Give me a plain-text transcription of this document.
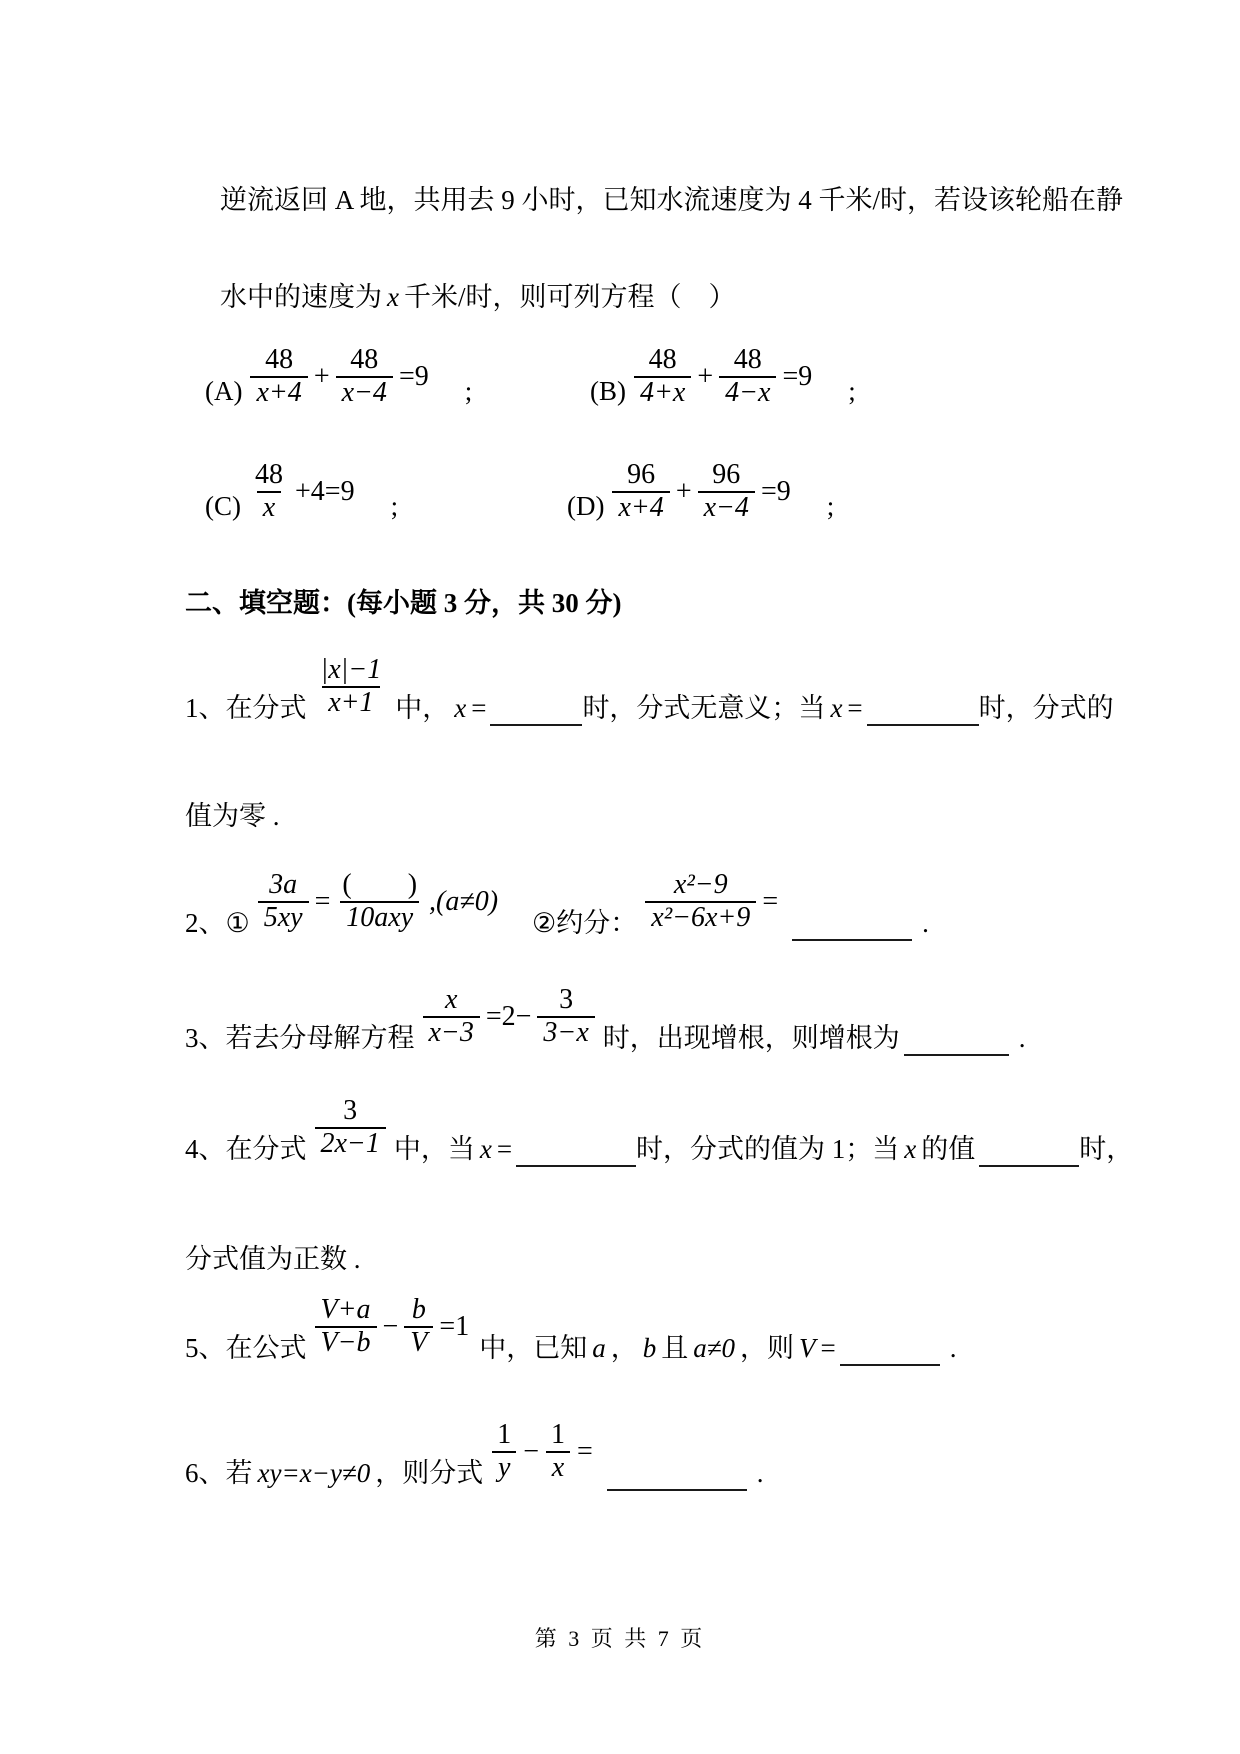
逆流返回 A 地，共用去 9 小时，已知水流速度为 4 千米/时，若设该轮船在静
水中的速度为 x 千米/时，则可列方程（　）
$(A) \frac{48}{x+4} + \frac{48}{x-4} =9$ ;	$(B) \frac{48}{4+x} + \frac{48}{4-x} =9$ ;
$(C) \frac{48}{x} +4=9$ ;	$(D) \frac{96}{x+4} + \frac{96}{x-4} =9$ ;
二、填空题：(每小题 3 分，共 30 分)
1、 在分式 $\frac{|x|-1}{x+1}$ 中， x =	时，分式无意义；当 x =	时，分式的
值为零 .
2、 ① $\frac{3a}{5xy} = \frac{( )}{\text{10axy}} ,(a\ne 0)$
② 约分： $\frac{\text{x²−9}}{\text{x²−6x+9}}$ =
.
3、 若去分母解方程 $\frac{x}{x-3} =2- \frac{3}{3-x}$ 时，出现增根，则增根为	.
4、 在分式 $\frac{3}{2x-1}$ 中，当 x =	时，分式的值为 1；当 x 的值	时，
分式值为正数 .
5、 在公式 $\frac{V+a}{V-b} - \frac{b}{V} =1$
中，已知 a ， b 且 a≠0 ，则 V =	.
6、 若 xy=x−y≠0 ，则分式 $\frac{1}{y} - \frac{1}{x}$ =
.
第 3 页 共 7 页
